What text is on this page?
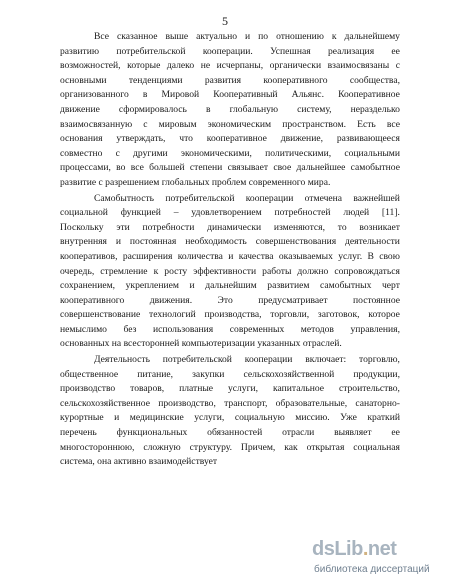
5
Все сказанное выше актуально и по отношению к дальнейшему
развитию потребительской кооперации. Успешная реализация ее
возможностей, которые далеко не исчерпаны, органически взаимосвязаны с
основными тенденциями развития кооперативного сообщества,
организованного в Мировой Кооперативный Альянс. Кооперативное
движение сформировалось в глобальную систему, неразделько
взаимосвязанную с мировым экономическим пространством. Есть все
основания утверждать, что кооперативное движение, развивающееся
совместно с другими экономическими, политическими, социальными
процессами, во все большей степени связывает свое дальнейшее самобытное
развитие с разрешением глобальных проблем современного мира.
Самобытность потребительской кооперации отмечена важнейшей
социальной функцией – удовлетворением потребностей людей [11].
Поскольку эти потребности динамически изменяются, то возникает
внутренняя и постоянная необходимость совершенствования деятельности
кооперативов, расширения количества и качества оказываемых услуг. В свою
очередь, стремление к росту эффективности работы должно сопровождаться
сохранением, укреплением и дальнейшим развитием самобытных черт
кооперативного	движения.	Это	предусматривает	постоянное
совершенствование технологий производства, торговли, заготовок, которое
немыслимо без использования современных методов управления,
основанных на всесторонней компьютеризации указанных отраслей.
Деятельность потребительской кооперации включает: торговлю,
общественное питание, закупки сельскохозяйственной продукции,
производство товаров, платные услуги, капитальное строительство,
сельскохозяйственное производство, транспорт, образовательные, санаторно-
курортные и медицинские услуги, социальную миссию. Уже краткий
перечень функциональных обязанностей отрасли выявляет ее
многостороннюю, сложную структуру. Причем, как открытая социальная
система, она активно взаимодействует
dsLib.net
библиотека диссертаций
